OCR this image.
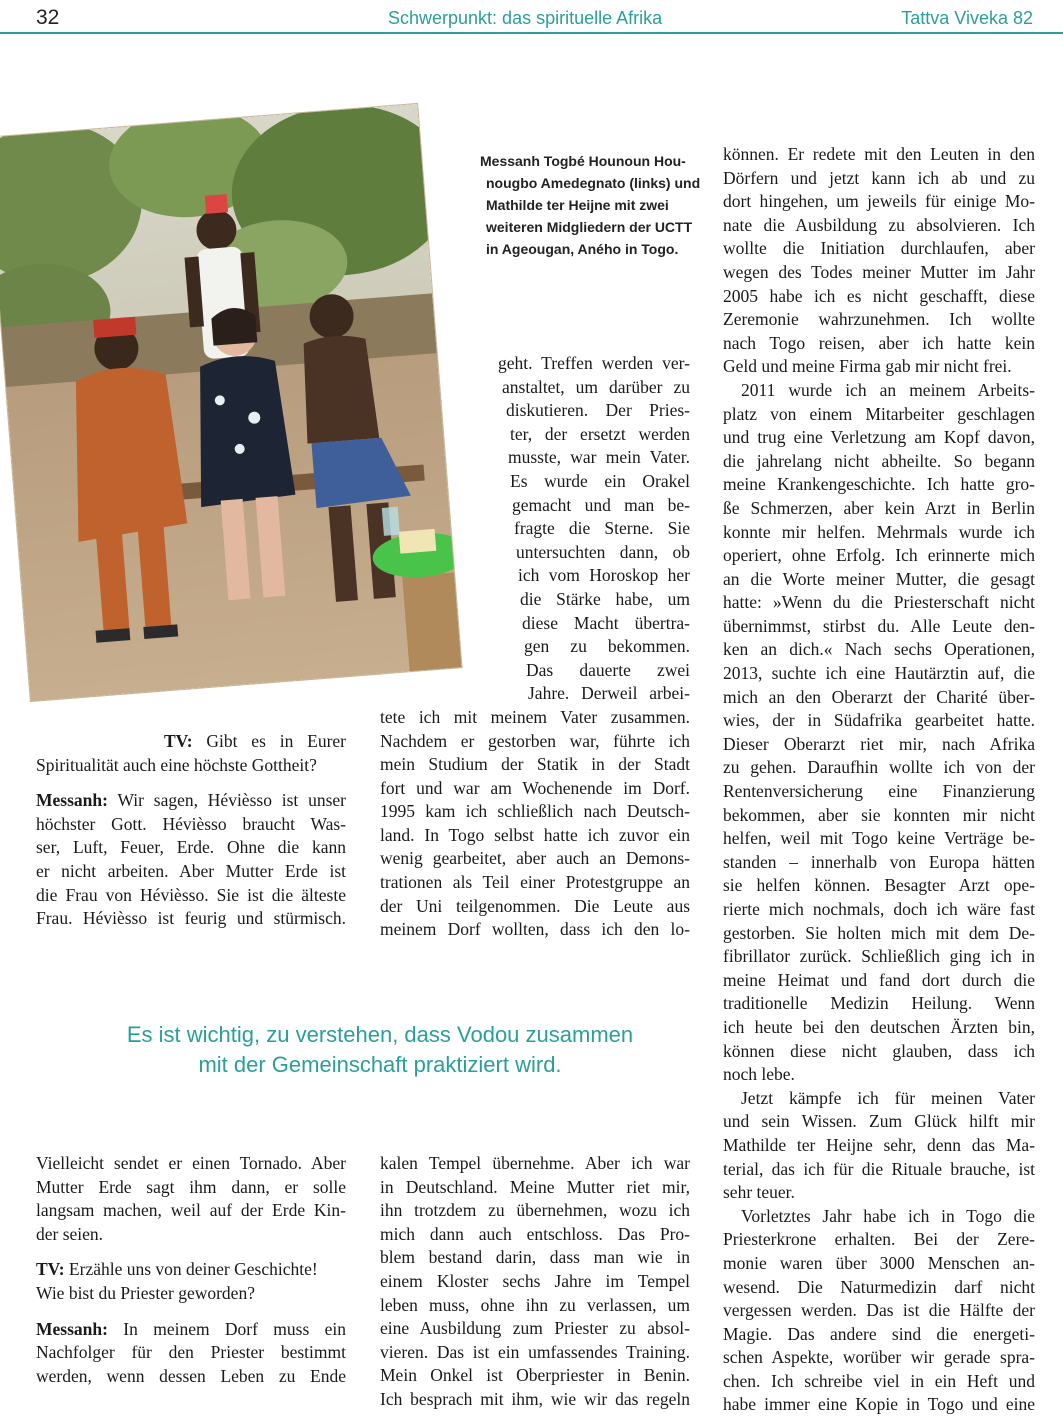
32	Schwerpunkt: das spirituelle Afrika	Tattva Viveka 82
Messanh Togbé Hounoun Hou-
nougbo Amedegnato (links) und
Mathilde ter Heijne mit zwei
weiteren Midgliedern der UCTT
in Ageougan, Aného in Togo.
geht. Treffen werden ver-
anstaltet, um darüber zu
diskutieren. Der Pries-
ter, der ersetzt werden
musste, war mein Vater.
Es wurde ein Orakel
gemacht und man be-
fragte die Sterne. Sie
untersuchten dann, ob
ich vom Horoskop her
die Stärke habe, um
diese Macht übertra-
gen zu bekommen.
Das dauerte zwei
Jahre. Derweil arbei-
tete ich mit meinem Vater zusammen.
Nachdem er gestorben war, führte ich
mein Studium der Statik in der Stadt
fort und war am Wochenende im Dorf.
1995 kam ich schließlich nach Deutsch-
land. In Togo selbst hatte ich zuvor ein
wenig gearbeitet, aber auch an Demons-
trationen als Teil einer Protestgruppe an
der Uni teilgenommen. Die Leute aus
meinem Dorf wollten, dass ich den lo-
TV: Gibt es in Eurer
Spiritualität auch eine höchste Gottheit?
Messanh: Wir sagen, Hévièsso ist unser
höchster Gott. Hévièsso braucht Was-
ser, Luft, Feuer, Erde. Ohne die kann
er nicht arbeiten. Aber Mutter Erde ist
die Frau von Hévièsso. Sie ist die älteste
Frau. Hévièsso ist feurig und stürmisch.
Es ist wichtig, zu verstehen, dass Vodou zusammen
mit der Gemeinschaft praktiziert wird.
Vielleicht sendet er einen Tornado. Aber
Mutter Erde sagt ihm dann, er solle
langsam machen, weil auf der Erde Kin-
der seien.
TV: Erzähle uns von deiner Geschichte!
Wie bist du Priester geworden?
Messanh: In meinem Dorf muss ein
Nachfolger für den Priester bestimmt
werden, wenn dessen Leben zu Ende
kalen Tempel übernehme. Aber ich war
in Deutschland. Meine Mutter riet mir,
ihn trotzdem zu übernehmen, wozu ich
mich dann auch entschloss. Das Pro-
blem bestand darin, dass man wie in
einem Kloster sechs Jahre im Tempel
leben muss, ohne ihn zu verlassen, um
eine Ausbildung zum Priester zu absol-
vieren. Das ist ein umfassendes Training.
Mein Onkel ist Oberpriester in Benin.
Ich besprach mit ihm, wie wir das regeln
können. Er redete mit den Leuten in den
Dörfern und jetzt kann ich ab und zu
dort hingehen, um jeweils für einige Mo-
nate die Ausbildung zu absolvieren. Ich
wollte die Initiation durchlaufen, aber
wegen des Todes meiner Mutter im Jahr
2005 habe ich es nicht geschafft, diese
Zeremonie wahrzunehmen. Ich wollte
nach Togo reisen, aber ich hatte kein
Geld und meine Firma gab mir nicht frei.
2011 wurde ich an meinem Arbeits-
platz von einem Mitarbeiter geschlagen
und trug eine Verletzung am Kopf davon,
die jahrelang nicht abheilte. So begann
meine Krankengeschichte. Ich hatte gro-
ße Schmerzen, aber kein Arzt in Berlin
konnte mir helfen. Mehrmals wurde ich
operiert, ohne Erfolg. Ich erinnerte mich
an die Worte meiner Mutter, die gesagt
hatte: »Wenn du die Priesterschaft nicht
übernimmst, stirbst du. Alle Leute den-
ken an dich.« Nach sechs Operationen,
2013, suchte ich eine Hautärztin auf, die
mich an den Oberarzt der Charité über-
wies, der in Südafrika gearbeitet hatte.
Dieser Oberarzt riet mir, nach Afrika
zu gehen. Daraufhin wollte ich von der
Rentenversicherung eine Finanzierung
bekommen, aber sie konnten mir nicht
helfen, weil mit Togo keine Verträge be-
standen – innerhalb von Europa hätten
sie helfen können. Besagter Arzt ope-
rierte mich nochmals, doch ich wäre fast
gestorben. Sie holten mich mit dem De-
fibrillator zurück. Schließlich ging ich in
meine Heimat und fand dort durch die
traditionelle Medizin Heilung. Wenn
ich heute bei den deutschen Ärzten bin,
können diese nicht glauben, dass ich
noch lebe.
Jetzt kämpfe ich für meinen Vater
und sein Wissen. Zum Glück hilft mir
Mathilde ter Heijne sehr, denn das Ma-
terial, das ich für die Rituale brauche, ist
sehr teuer.
Vorletztes Jahr habe ich in Togo die
Priesterkrone erhalten. Bei der Zere-
monie waren über 3000 Menschen an-
wesend. Die Naturmedizin darf nicht
vergessen werden. Das ist die Hälfte der
Magie. Das andere sind die energeti-
schen Aspekte, worüber wir gerade spra-
chen. Ich schreibe viel in ein Heft und
habe immer eine Kopie in Togo und eine
